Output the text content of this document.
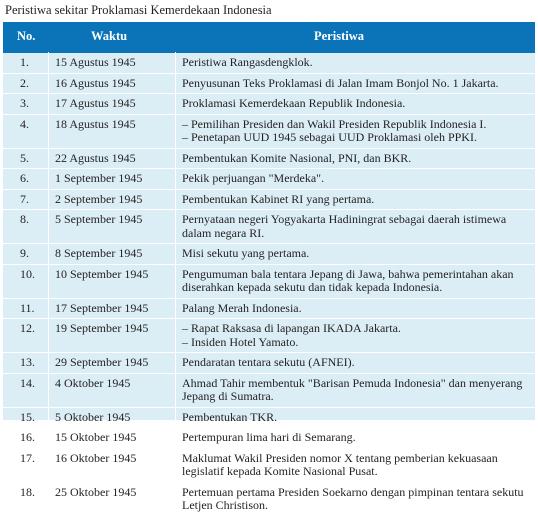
Peristiwa sekitar Proklamasi Kemerdekaan Indonesia
No.	Waktu	Peristiwa
1. 15 Agustus 1945	Peristiwa Rangasdengklok.
2. 16 Agustus 1945	Penyusunan Teks Proklamasi di Jalan Imam Bonjol No. 1 Jakarta.
3. 17 Agustus 1945	Proklamasi Kemerdekaan Republik Indonesia.
4. 18 Agustus 1945	– Pemilihan Presiden dan Wakil Presiden Republik Indonesia I.
– Penetapan UUD 1945 sebagai UUD Proklamasi oleh PPKI.
5. 22 Agustus 1945	Pembentukan Komite Nasional, PNI, dan BKR.
6. 1 September 1945	Pekik perjuangan "Merdeka".
7. 2 September 1945	Pembentukan Kabinet RI yang pertama.
8. 5 September 1945	Pernyataan negeri Yogyakarta Hadiningrat sebagai daerah istimewa
dalam negara RI.
9. 8 September 1945	Misi sekutu yang pertama.
10. 10 September 1945	Pengumuman bala tentara Jepang di Jawa, bahwa pemerintahan akan
diserahkan kepada sekutu dan tidak kepada Indonesia.
11. 17 September 1945	Palang Merah Indonesia.
12. 19 September 1945	– Rapat Raksasa di lapangan IKADA Jakarta.
– Insiden Hotel Yamato.
13. 29 September 1945	Pendaratan tentara sekutu (AFNEI).
14. 4 Oktober 1945	Ahmad Tahir membentuk "Barisan Pemuda Indonesia" dan menyerang
Jepang di Sumatra.
15. 5 Oktober 1945	Pembentukan TKR.
16. 15 Oktober 1945	Pertempuran lima hari di Semarang.
17. 16 Oktober 1945	Maklumat Wakil Presiden nomor X tentang pemberian kekuasaan
legislatif kepada Komite Nasional Pusat.
18. 25 Oktober 1945	Pertemuan pertama Presiden Soekarno dengan pimpinan tentara sekutu
Letjen Christison.
